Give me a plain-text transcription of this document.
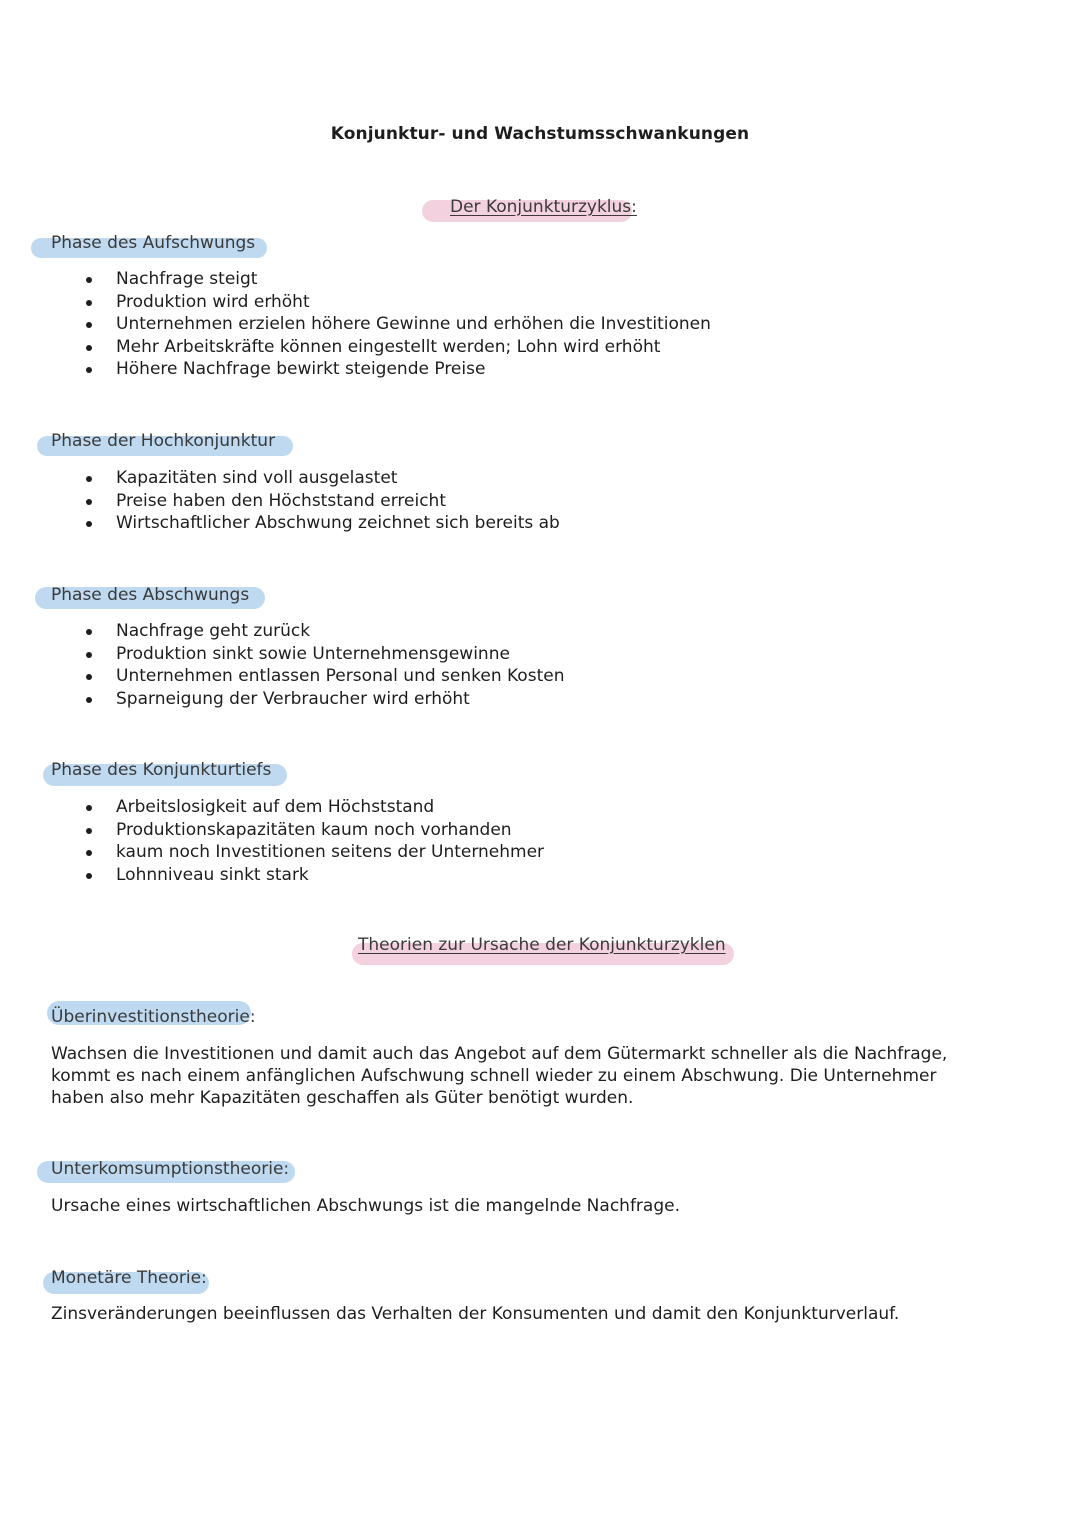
Konjunktur- und Wachstumsschwankungen
Der Konjunkturzyklus:
Phase des Aufschwungs
Nachfrage steigt
Produktion wird erhöht
Unternehmen erzielen höhere Gewinne und erhöhen die Investitionen
Mehr Arbeitskräfte können eingestellt werden; Lohn wird erhöht
Höhere Nachfrage bewirkt steigende Preise
Phase der Hochkonjunktur
Kapazitäten sind voll ausgelastet
Preise haben den Höchststand erreicht
Wirtschaftlicher Abschwung zeichnet sich bereits ab
Phase des Abschwungs
Nachfrage geht zurück
Produktion sinkt sowie Unternehmensgewinne
Unternehmen entlassen Personal und senken Kosten
Sparneigung der Verbraucher wird erhöht
Phase des Konjunkturtiefs
Arbeitslosigkeit auf dem Höchststand
Produktionskapazitäten kaum noch vorhanden
kaum noch Investitionen seitens der Unternehmer
Lohnniveau sinkt stark
Theorien zur Ursache der Konjunkturzyklen
Überinvestitionstheorie:
Wachsen die Investitionen und damit auch das Angebot auf dem Gütermarkt schneller als die Nachfrage,
kommt es nach einem anfänglichen Aufschwung schnell wieder zu einem Abschwung. Die Unternehmer
haben also mehr Kapazitäten geschaffen als Güter benötigt wurden.
Unterkomsumptionstheorie:
Ursache eines wirtschaftlichen Abschwungs ist die mangelnde Nachfrage.
Monetäre Theorie:
Zinsveränderungen beeinflussen das Verhalten der Konsumenten und damit den Konjunkturverlauf.
